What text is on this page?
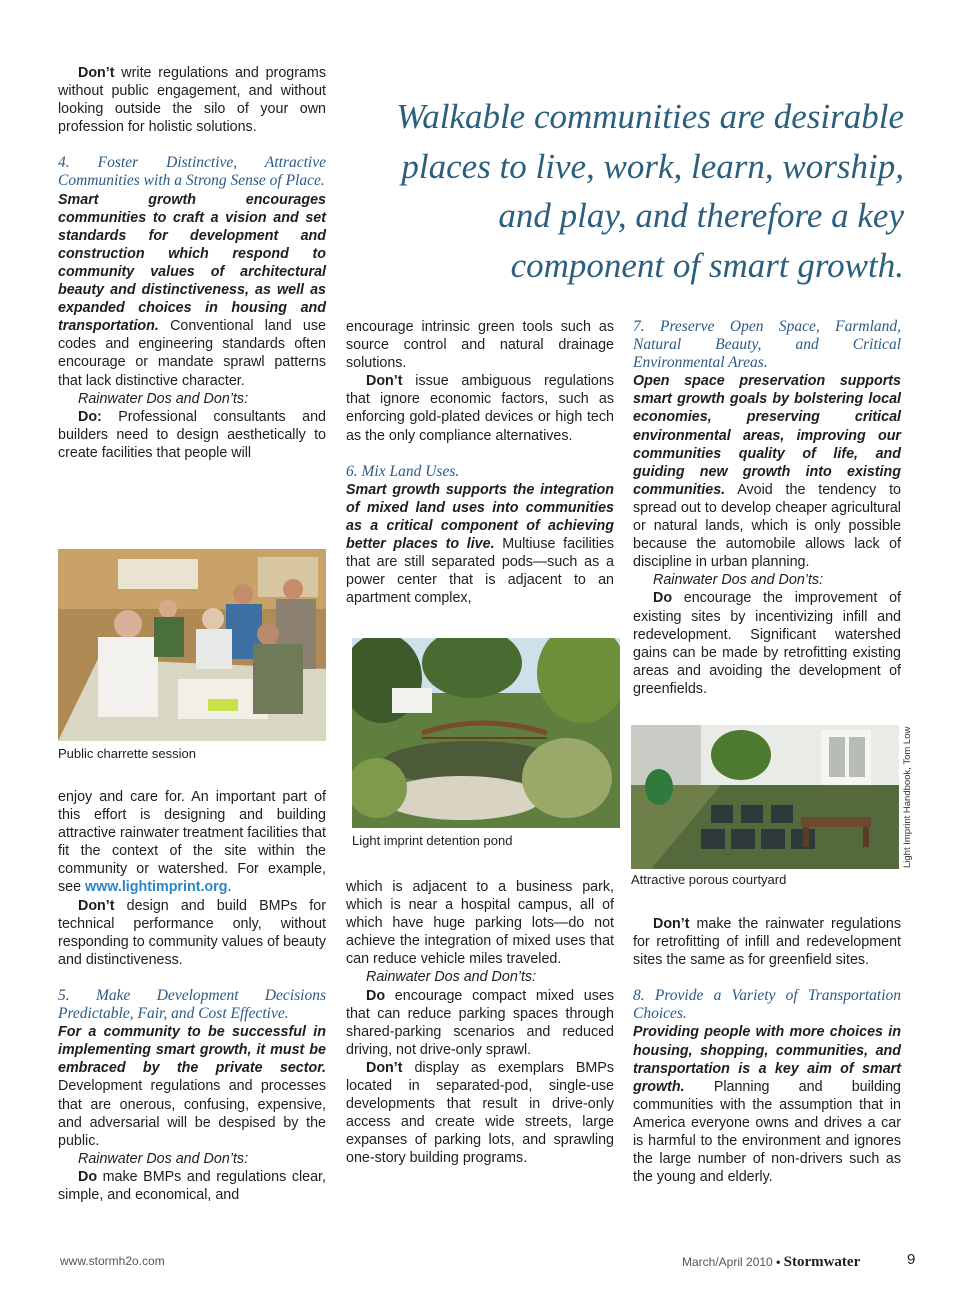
Walkable communities are desirable places to live, work, learn, worship, and play, and therefore a key component of smart growth.

Don’t write regulations and programs without public engagement, and without looking outside the silo of your own profession for holistic solutions.

4. Foster Distinctive, Attractive Communities with a Strong Sense of Place.

Smart growth encourages communities to craft a vision and set standards for development and construction which respond to community values of architectural beauty and distinctiveness, as well as expanded choices in housing and transportation. Conventional land use codes and engineering standards often encourage or mandate sprawl patterns that lack distinctive character.

Rainwater Dos and Don’ts:

Do: Professional consultants and builders need to design aesthetically to create facilities that people will

Public charrette session

enjoy and care for. An important part of this effort is designing and building attractive rainwater treatment facilities that fit the context of the site within the community or watershed. For example, see www.lightimprint.org.

Don’t design and build BMPs for technical performance only, without responding to community values of beauty and distinctiveness.

5. Make Development Decisions Predictable, Fair, and Cost Effective.

For a community to be successful in implementing smart growth, it must be embraced by the private sector. Development regulations and processes that are onerous, confusing, expensive, and adversarial will be despised by the public.

Rainwater Dos and Don’ts:

Do make BMPs and regulations clear, simple, and economical, and

encourage intrinsic green tools such as source control and natural drainage solutions.

Don’t issue ambiguous regulations that ignore economic factors, such as enforcing gold-plated devices or high tech as the only compliance alternatives.

6. Mix Land Uses.

Smart growth supports the integration of mixed land uses into communities as a critical component of achieving better places to live. Multiuse facilities that are still separated pods—such as a power center that is adjacent to an apartment complex,

Light imprint detention pond

which is adjacent to a business park, which is near a hospital campus, all of which have huge parking lots—do not achieve the integration of mixed uses that can reduce vehicle miles traveled.

Rainwater Dos and Don’ts:

Do encourage compact mixed uses that can reduce parking spaces through shared-parking scenarios and reduced driving, not drive-only sprawl.

Don’t display as exemplars BMPs located in separated-pod, single-use developments that result in drive-only access and create wide streets, large expanses of parking lots, and sprawling one-story building programs.

7. Preserve Open Space, Farmland, Natural Beauty, and Critical Environmental Areas.

Open space preservation supports smart growth goals by bolstering local economies, preserving critical environmental areas, improving our communities quality of life, and guiding new growth into existing communities. Avoid the tendency to spread out to develop cheaper agricultural or natural lands, which is only possible because the automobile allows lack of discipline in urban planning.

Rainwater Dos and Don’ts:

Do encourage the improvement of existing sites by incentivizing infill and redevelopment. Significant watershed gains can be made by retrofitting existing areas and avoiding the development of greenfields.

Light Imprint Handbook, Tom Low
Attractive porous courtyard

Don’t make the rainwater regulations for retrofitting of infill and redevelopment sites the same as for greenfield sites.

8. Provide a Variety of Transportation Choices.

Providing people with more choices in housing, shopping, communities, and transportation is a key aim of smart growth. Planning and building communities with the assumption that in America everyone owns and drives a car is harmful to the environment and ignores the large number of non-drivers such as the young and elderly.

www.stormh2o.com	March/April 2010 • Stormwater	9
